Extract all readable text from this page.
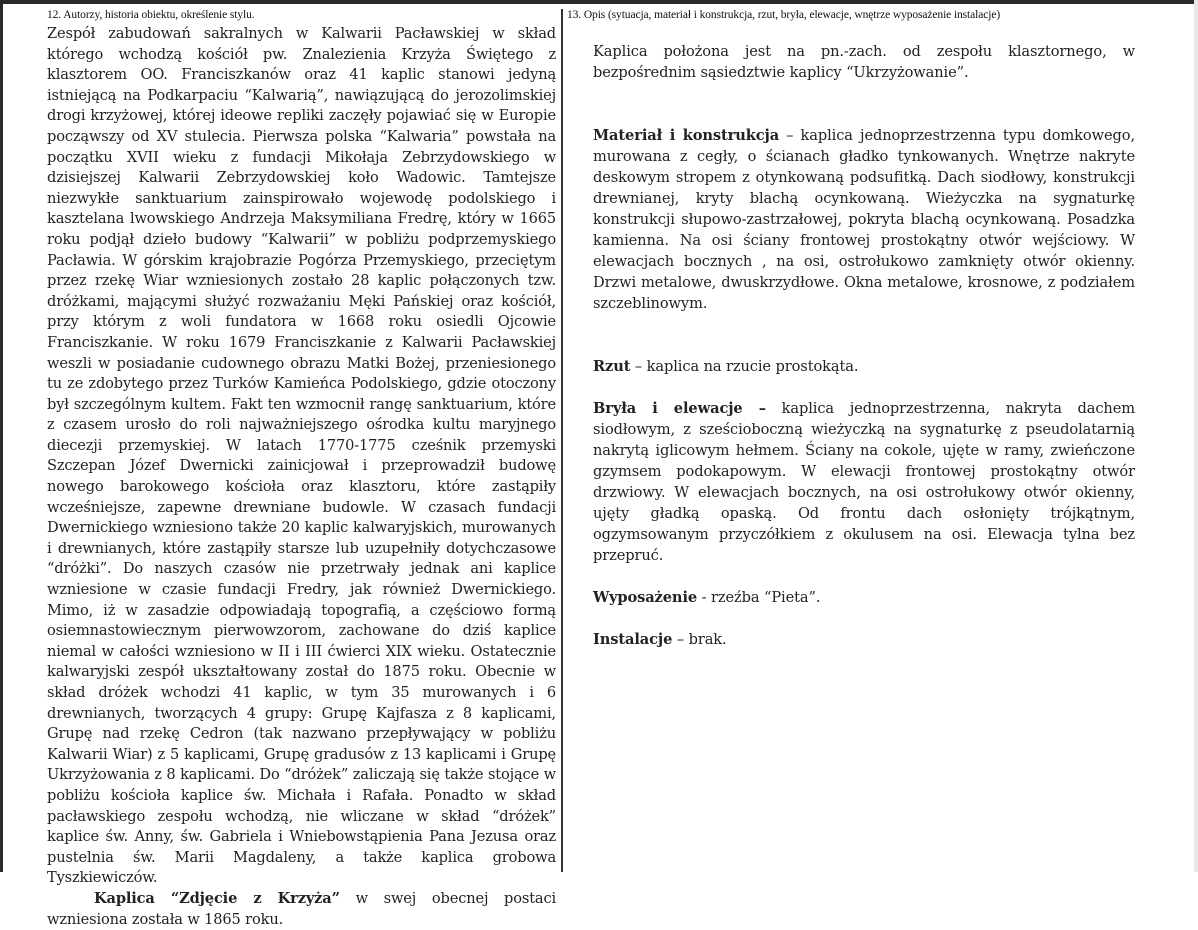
12. Autorzy, historia obiektu, określenie stylu.	13. Opis (sytuacja, materiał i konstrukcja, rzut, bryła, elewacje, wnętrze wyposażenie instalacje)

Zespół zabudowań sakralnych w Kalwarii Pacławskiej w skład którego wchodzą kościół pw. Znalezienia Krzyża Świętego z klasztorem OO. Franciszkanów oraz 41 kaplic stanowi jedyną istniejącą na Podkarpaciu “Kalwarią”, nawiązującą do jerozolimskiej drogi krzyżowej, której ideowe repliki zaczęły pojawiać się w Europie począwszy od XV stulecia. Pierwsza polska “Kalwaria” powstała na początku XVII wieku z fundacji Mikołaja Zebrzydowskiego w dzisiejszej Kalwarii Zebrzydowskiej koło Wadowic. Tamtejsze niezwykłe sanktuarium zainspirowało wojewodę podolskiego i kasztelana lwowskiego Andrzeja Maksymiliana Fredrę, który w 1665 roku podjął dzieło budowy “Kalwarii” w pobliżu podprzemyskiego Pacławia. W górskim krajobrazie Pogórza Przemyskiego, przeciętym przez rzekę Wiar wzniesionych zostało 28 kaplic połączonych tzw. dróżkami, mającymi służyć rozważaniu Męki Pańskiej oraz kościół, przy którym z woli fundatora w 1668 roku osiedli Ojcowie Franciszkanie. W roku 1679 Franciszkanie z Kalwarii Pacławskiej weszli w posiadanie cudownego obrazu Matki Bożej, przeniesionego tu ze zdobytego przez Turków Kamieńca Podolskiego, gdzie otoczony był szczególnym kultem. Fakt ten wzmocnił rangę sanktuarium, które z czasem urosło do roli najważniejszego ośrodka kultu maryjnego diecezji przemyskiej. W latach 1770-1775 cześnik przemyski Szczepan Józef Dwernicki zainicjował i przeprowadził budowę nowego barokowego kościoła oraz klasztoru, które zastąpiły wcześniejsze, zapewne drewniane budowle. W czasach fundacji Dwernickiego wzniesiono także 20 kaplic kalwaryjskich, murowanych i drewnianych, które zastąpiły starsze lub uzupełniły dotychczasowe “dróżki”. Do naszych czasów nie przetrwały jednak ani kaplice wzniesione w czasie fundacji Fredry, jak również Dwernickiego. Mimo, iż w zasadzie odpowiadają topografią, a częściowo formą osiemnastowiecznym pierwowzorom, zachowane do dziś kaplice niemal w całości wzniesiono w II i III ćwierci XIX wieku. Ostatecznie kalwaryjski zespół ukształtowany został do 1875 roku. Obecnie w skład dróżek wchodzi 41 kaplic, w tym 35 murowanych i 6 drewnianych, tworzących 4 grupy: Grupę Kajfasza z 8 kaplicami, Grupę nad rzekę Cedron (tak nazwano przepływający w pobliżu Kalwarii Wiar) z 5 kaplicami, Grupę gradusów z 13 kaplicami i Grupę Ukrzyżowania z 8 kaplicami. Do “dróżek” zaliczają się także stojące w pobliżu kościoła kaplice św. Michała i Rafała. Ponadto w skład pacławskiego zespołu wchodzą, nie wliczane w skład “dróżek” kaplice św. Anny, św. Gabriela i Wniebowstąpienia Pana Jezusa oraz pustelnia św. Marii Magdaleny, a także kaplica grobowa Tyszkiewiczów.

Kaplica “Zdjęcie z Krzyża” w swej obecnej postaci wzniesiona została w 1865 roku.

Kaplica położona jest na pn.-zach. od zespołu klasztornego, w bezpośrednim sąsiedztwie kaplicy “Ukrzyżowanie”.

Materiał i konstrukcja – kaplica jednoprzestrzenna typu domkowego, murowana z cegły, o ścianach gładko tynkowanych. Wnętrze nakryte deskowym stropem z otynkowaną podsufitką. Dach siodłowy, konstrukcji drewnianej, kryty blachą ocynkowaną. Wieżyczka na sygnaturkę konstrukcji słupowo-zastrzałowej, pokryta blachą ocynkowaną. Posadzka kamienna. Na osi ściany frontowej prostokątny otwór wejściowy. W elewacjach bocznych , na osi, ostrołukowo zamknięty otwór okienny. Drzwi metalowe, dwuskrzydłowe. Okna metalowe, krosnowe, z podziałem szczeblinowym.

Rzut – kaplica na rzucie prostokąta.

Bryła i elewacje – kaplica jednoprzestrzenna, nakryta dachem siodłowym, z sześcioboczną wieżyczką na sygnaturkę z pseudolatarnią nakrytą iglicowym hełmem. Ściany na cokole, ujęte w ramy, zwieńczone gzymsem podokapowym. W elewacji frontowej prostokątny otwór drzwiowy. W elewacjach bocznych, na osi ostrołukowy otwór okienny, ujęty gładką opaską. Od frontu dach osłonięty trójkątnym, ogzymsowanym przyczółkiem z okulusem na osi. Elewacja tylna bez przepruć.

Wyposażenie - rzeźba “Pieta”.

Instalacje – brak.
